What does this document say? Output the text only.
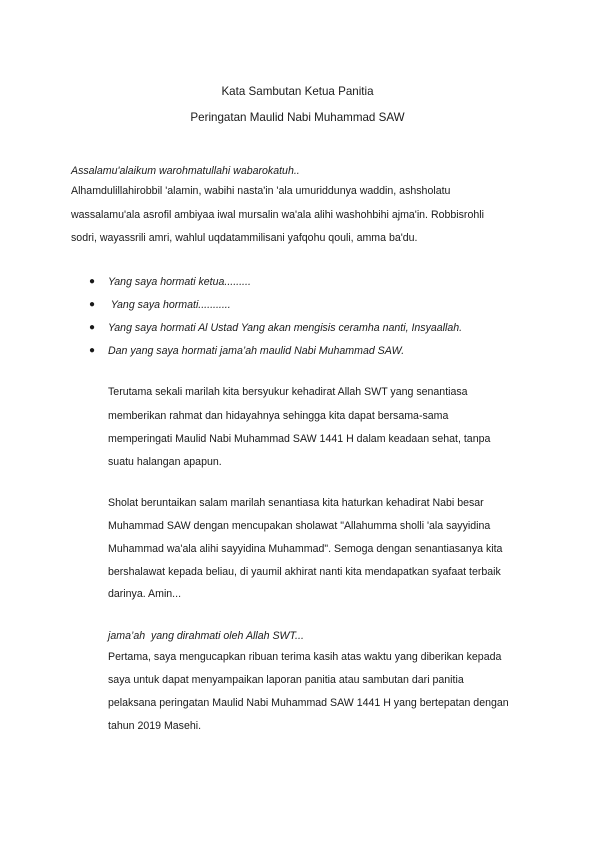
Kata Sambutan Ketua Panitia
Peringatan Maulid Nabi Muhammad SAW
Assalamu'alaikum warohmatullahi wabarokatuh..
Alhamdulillahirobbil 'alamin, wabihi nasta'in 'ala umuriddunya waddin, ashsholatu
wassalamu'ala asrofil ambiyaa iwal mursalin wa'ala alihi washohbihi ajma'in. Robbisrohli
sodri, wayassrili amri, wahlul uqdatammilisani yafqohu qouli, amma ba'du.
● Yang saya hormati ketua.........
● Yang saya hormati...........
● Yang saya hormati Al Ustad Yang akan mengisis ceramha nanti, Insyaallah.
● Dan yang saya hormati jama’ah maulid Nabi Muhammad SAW.
Terutama sekali marilah kita bersyukur kehadirat Allah SWT yang senantiasa
memberikan rahmat dan hidayahnya sehingga kita dapat bersama-sama
memperingati Maulid Nabi Muhammad SAW 1441 H dalam keadaan sehat, tanpa
suatu halangan apapun.
Sholat beruntaikan salam marilah senantiasa kita haturkan kehadirat Nabi besar
Muhammad SAW dengan mencupakan sholawat "Allahumma sholli 'ala sayyidina
Muhammad wa'ala alihi sayyidina Muhammad". Semoga dengan senantiasanya kita
bershalawat kepada beliau, di yaumil akhirat nanti kita mendapatkan syafaat terbaik
darinya. Amin...
jama’ah  yang dirahmati oleh Allah SWT...
Pertama, saya mengucapkan ribuan terima kasih atas waktu yang diberikan kepada
saya untuk dapat menyampaikan laporan panitia atau sambutan dari panitia
pelaksana peringatan Maulid Nabi Muhammad SAW 1441 H yang bertepatan dengan
tahun 2019 Masehi.
